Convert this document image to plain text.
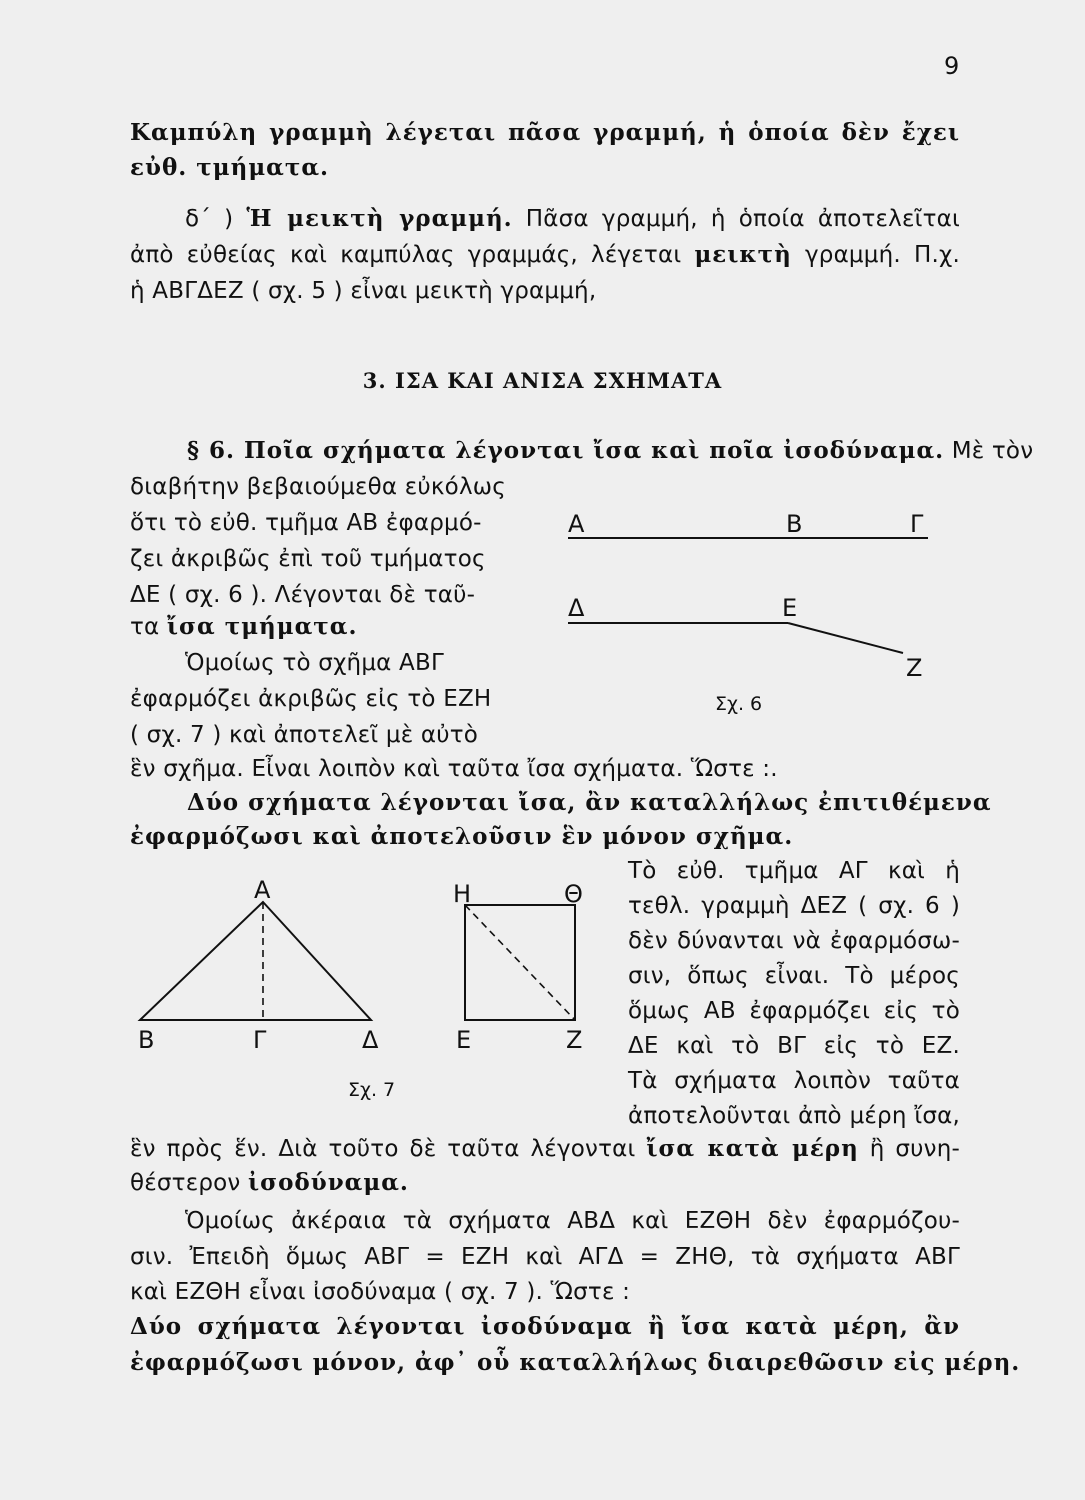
9
Καμπύλη γραμμὴ λέγεται πᾶσα γραμμή, ἡ ὁποία δὲν ἔχει
εὐθ. τμήματα.
δ΄ ) Ἡ μεικτὴ γραμμή. Πᾶσα γραμμή, ἡ ὁποία ἀποτελεῖται
ἀπὸ εὐθείας καὶ καμπύλας γραμμάς, λέγεται μεικτὴ γραμμή. Π.χ.
ἡ ΑΒΓΔΕΖ ( σχ. 5 ) εἶναι μεικτὴ γραμμή,
3. ΙΣΑ ΚΑΙ ΑΝΙΣΑ ΣΧΗΜΑΤΑ
§ 6. Ποῖα σχήματα λέγονται ἴσα καὶ ποῖα ἰσοδύναμα. Μὲ τὸν
διαβήτην βεβαιούμεθα εὐκόλως
ὅτι τὸ εὐθ. τμῆμα ΑΒ ἐφαρμό-
ζει ἀκριβῶς ἐπὶ τοῦ τμήματος
ΔΕ ( σχ. 6 ). Λέγονται δὲ ταῦ-
τα ἴσα τμήματα.
Ὁμοίως τὸ σχῆμα ΑΒΓ
ἐφαρμόζει ἀκριβῶς εἰς τὸ ΕΖΗ
( σχ. 7 ) καὶ ἀποτελεῖ μὲ αὐτὸ
ἓν σχῆμα. Εἶναι λοιπὸν καὶ ταῦτα ἴσα σχήματα. Ὥστε :.
Δύο σχήματα λέγονται ἴσα, ἂν καταλλήλως ἐπιτιθέμενα
ἐφαρμόζωσι καὶ ἀποτελοῦσιν ἓν μόνον σχῆμα.
Τὸ εὐθ. τμῆμα ΑΓ καὶ ἡ
τεθλ. γραμμὴ ΔΕΖ ( σχ. 6 )
δὲν δύνανται νὰ ἐφαρμόσω-
σιν, ὅπως εἶναι. Τὸ μέρος
ὅμως ΑΒ ἐφαρμόζει εἰς τὸ
ΔΕ καὶ τὸ ΒΓ εἰς τὸ ΕΖ.
Τὰ σχήματα λοιπὸν ταῦτα
ἀποτελοῦνται ἀπὸ μέρη ἴσα,
ἓν πρὸς ἕν. Διὰ τοῦτο δὲ ταῦτα λέγονται ἴσα κατὰ μέρη ἢ συνη-
θέστερον ἰσοδύναμα.
Ὁμοίως ἀκέραια τὰ σχήματα ΑΒΔ καὶ ΕΖΘΗ δὲν ἐφαρμόζου-
σιν. Ἐπειδὴ ὅμως ΑΒΓ = ΕΖΗ καὶ ΑΓΔ = ΖΗΘ, τὰ σχήματα ΑΒΓ
καὶ ΕΖΘΗ εἶναι ἰσοδύναμα ( σχ. 7 ). Ὥστε :
Δύο σχήματα λέγονται ἰσοδύναμα ἢ ἴσα κατὰ μέρη, ἂν
ἐφαρμόζωσι μόνον, ἀφ᾿ οὗ καταλλήλως διαιρεθῶσιν εἰς μέρη.
Α	Β	Γ
Δ	Ε
Ζ
Σχ. 6
Α
Β	Γ	Δ
Η	Θ
Ε	Ζ
Σχ. 7
